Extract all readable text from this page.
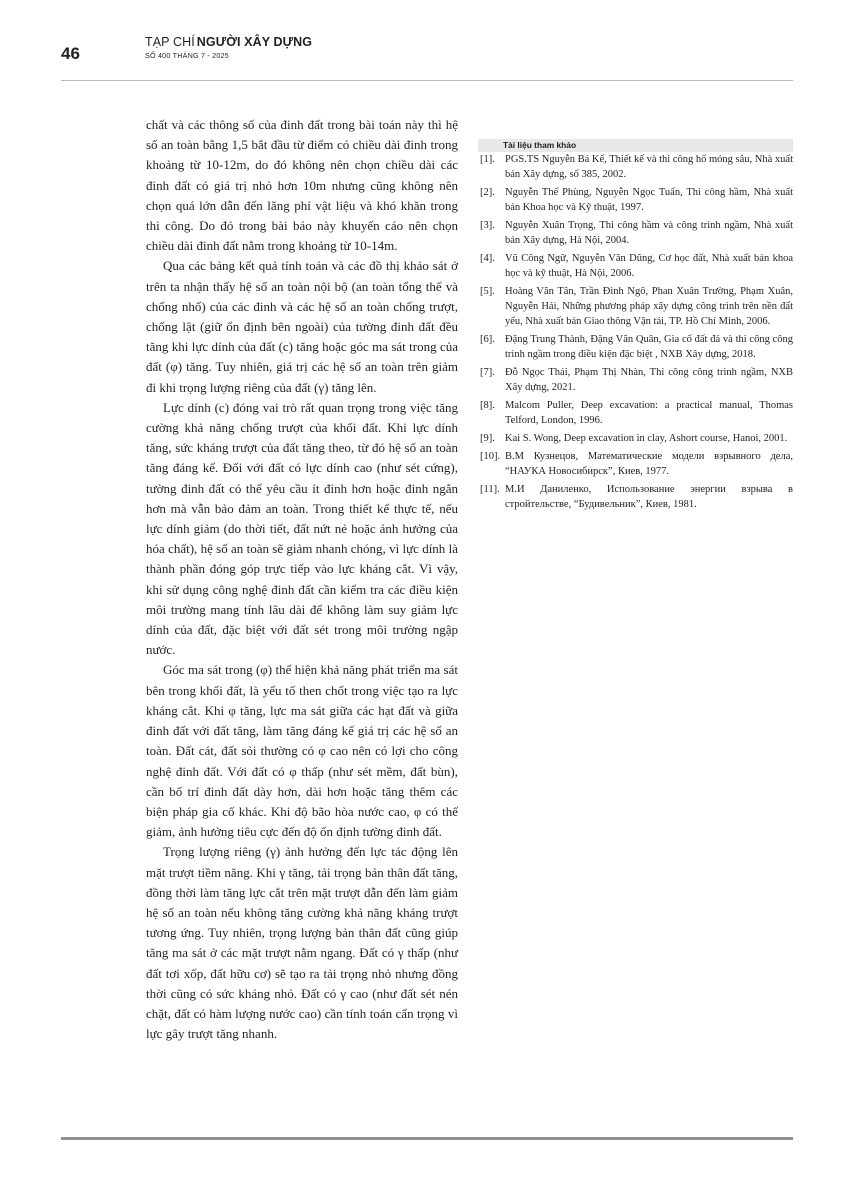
46
TẠP CHÍ NGƯỜI XÂY DỰNG
SỐ 400 THÁNG 7 - 2025

chất và các thông số của đinh đất trong bài toán này thì hệ số an toàn bằng 1,5 bắt đầu từ điểm có chiều dài đinh trong khoảng từ 10-12m, do đó không nên chọn chiều dài các đinh đất có giá trị nhỏ hơn 10m nhưng cũng không nên chọn quá lớn dẫn đến lãng phí vật liệu và khó khăn trong thi công. Do đó trong bài báo này khuyến cáo nên chọn chiều dài đinh đất nằm trong khoảng từ 10-14m.

Qua các bảng kết quả tính toán và các đồ thị khảo sát ở trên ta nhận thấy hệ số an toàn nội bộ (an toàn tổng thể và chống nhổ) của các đinh và các hệ số an toàn chống trượt, chống lật (giữ ổn định bên ngoài) của tường đinh đất đều tăng khi lực dính của đất (c) tăng hoặc góc ma sát trong của đất (φ) tăng. Tuy nhiên, giá trị các hệ số an toàn trên giảm đi khi trọng lượng riêng của đất (γ) tăng lên.

Lực dính (c) đóng vai trò rất quan trọng trong việc tăng cường khả năng chống trượt của khối đất. Khi lực dính tăng, sức kháng trượt của đất tăng theo, từ đó hệ số an toàn tăng đáng kể. Đối với đất có lực dính cao (như sét cứng), tường đinh đất có thể yêu cầu ít đinh hơn hoặc đinh ngắn hơn mà vẫn bảo đảm an toàn. Trong thiết kế thực tế, nếu lực dính giảm (do thời tiết, đất nứt nẻ hoặc ảnh hưởng của hóa chất), hệ số an toàn sẽ giảm nhanh chóng, vì lực dính là thành phần đóng góp trực tiếp vào lực kháng cắt. Vì vậy, khi sử dụng công nghệ đinh đất cần kiểm tra các điều kiện môi trường mang tính lâu dài để không làm suy giảm lực dính của đất, đặc biệt với đất sét trong môi trường ngập nước.

Góc ma sát trong (φ) thể hiện khả năng phát triển ma sát bên trong khối đất, là yếu tố then chốt trong việc tạo ra lực kháng cắt. Khi φ tăng, lực ma sát giữa các hạt đất và giữa đinh đất với đất tăng, làm tăng đáng kể giá trị các hệ số an toàn. Đất cát, đất sỏi thường có φ cao nên có lợi cho công nghệ đinh đất. Với đất có φ thấp (như sét mềm, đất bùn), cần bố trí đinh đất dày hơn, dài hơn hoặc tăng thêm các biện pháp gia cố khác. Khi độ bão hòa nước cao, φ có thể giảm, ảnh hưởng tiêu cực đến độ ổn định tường đinh đất.

Trọng lượng riêng (γ) ảnh hưởng đến lực tác động lên mặt trượt tiềm năng. Khi γ tăng, tải trọng bản thân đất tăng, đồng thời làm tăng lực cắt trên mặt trượt dẫn đến làm giảm hệ số an toàn nếu không tăng cường khả năng kháng trượt tương ứng. Tuy nhiên, trọng lượng bản thân đất cũng giúp tăng ma sát ở các mặt trượt nằm ngang. Đất có γ thấp (như đất tơi xốp, đất hữu cơ) sẽ tạo ra tải trọng nhỏ nhưng đồng thời cũng có sức kháng nhỏ. Đất có γ cao (như đất sét nén chặt, đất có hàm lượng nước cao) cần tính toán cẩn trọng vì lực gây trượt tăng nhanh.

Tài liệu tham khảo
[1]. PGS.TS Nguyễn Bá Kế, Thiết kế và thi công hố móng sâu, Nhà xuất bản Xây dựng, số 385, 2002.
[2]. Nguyễn Thế Phùng, Nguyễn Ngọc Tuấn, Thi công hầm, Nhà xuất bản Khoa học và Kỹ thuật, 1997.
[3]. Nguyễn Xuân Trọng, Thi công hầm và công trình ngầm, Nhà xuất bản Xây dựng, Hà Nội, 2004.
[4]. Vũ Công Ngữ, Nguyễn Văn Dũng, Cơ học đất, Nhà xuất bản khoa học và kỹ thuật, Hà Nội, 2006.
[5]. Hoàng Văn Tân, Trần Đình Ngô, Phan Xuân Trường, Phạm Xuân, Nguyễn Hải, Những phương pháp xây dựng công trình trên nền đất yếu, Nhà xuất bản Giao thông Vận tải, TP. Hồ Chí Minh, 2006.
[6]. Đặng Trung Thành, Đặng Văn Quân, Gia cố đất đá và thi công công trình ngầm trong điều kiện đặc biệt , NXB Xây dựng, 2018.
[7]. Đỗ Ngọc Thái, Phạm Thị Nhàn, Thi công công trình ngầm, NXB Xây dựng, 2021.
[8]. Malcom Puller, Deep excavation: a practical manual, Thomas Telford, London, 1996.
[9]. Kai S. Wong, Deep excavation in clay, Ashort course, Hanoi, 2001.
[10]. B.M Кузнецов, Математические модели взрывного дела, “НАУКА Новосибирск”, Киев, 1977.
[11]. М.И Даниленко, Использование энергии взрыва в стройтельстве, “Будивельник”, Киев, 1981.
